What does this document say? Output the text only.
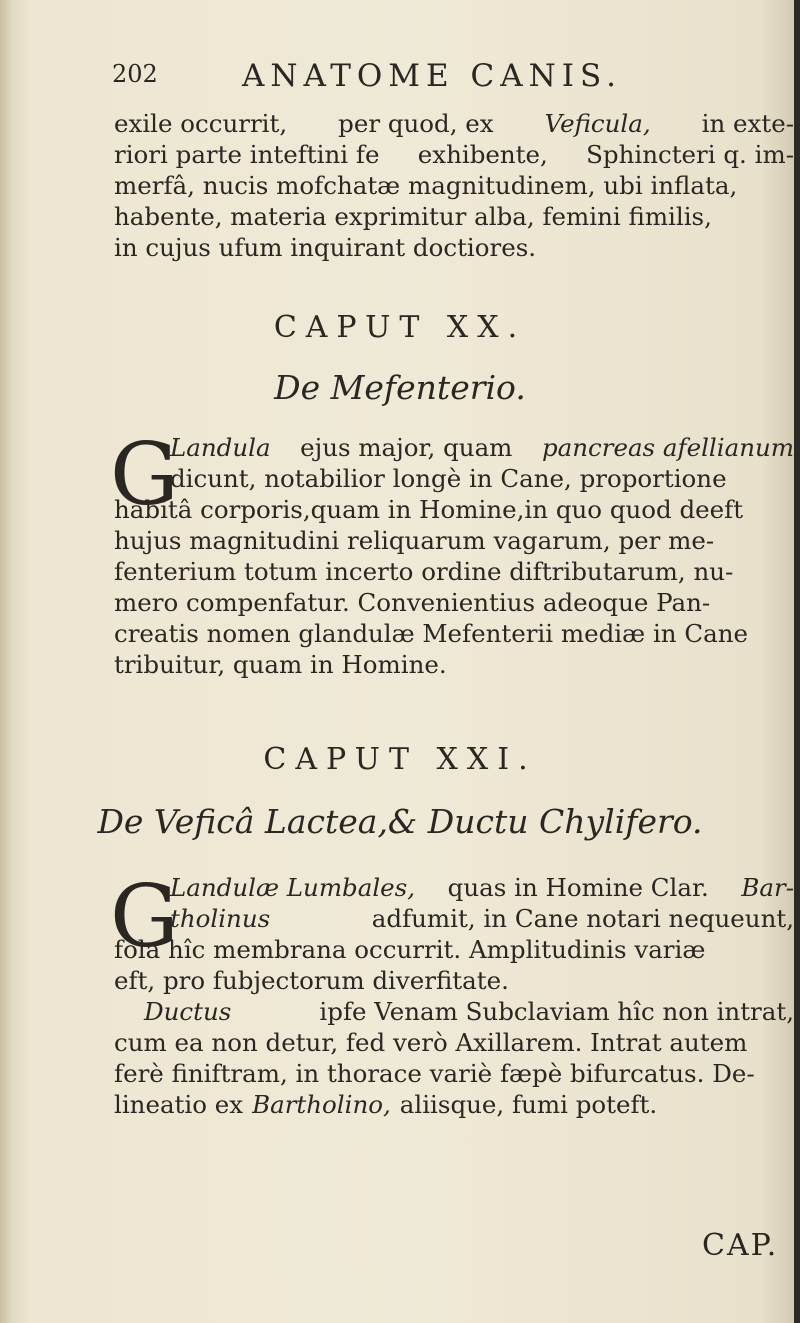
202	ANATOME CANIS.
exile occurrit, per quod, ex Veficula, in exte-
riori parte inteftini fe exhibente, Sphincteri q. im-
merfâ, nucis mofchatæ magnitudinem, ubi inflata,
habente, materia exprimitur alba, femini fimilis,
in cujus ufum inquirant doctiores.
CAPUT XX.
De Mefenterio.
G
Landula ejus major, quam pancreas afellianum
dicunt, notabilior longè in Cane, proportione
habitâ corporis,quam in Homine,in quo quod deeft
hujus magnitudini reliquarum vagarum, per me-
fenterium totum incerto ordine diftributarum, nu-
mero compenfatur. Convenientius adeoque Pan-
creatis nomen glandulæ Mefenterii mediæ in Cane
tribuitur, quam in Homine.
CAPUT XXI.
De Veficâ Lactea,& Ductu Chylifero.
G
Landulæ Lumbales, quas in Homine Clar. Bar-
tholinus	adfumit, in Cane notari nequeunt,
fola hîc membrana occurrit. Amplitudinis variæ
eft, pro fubjectorum diverfitate.
Ductus	ipfe Venam Subclaviam hîc non intrat,
cum ea non detur, fed verò Axillarem. Intrat autem
ferè finiftram, in thorace variè fæpè bifurcatus. De-
lineatio ex Bartholino, aliisque, fumi poteft.
CAP.
